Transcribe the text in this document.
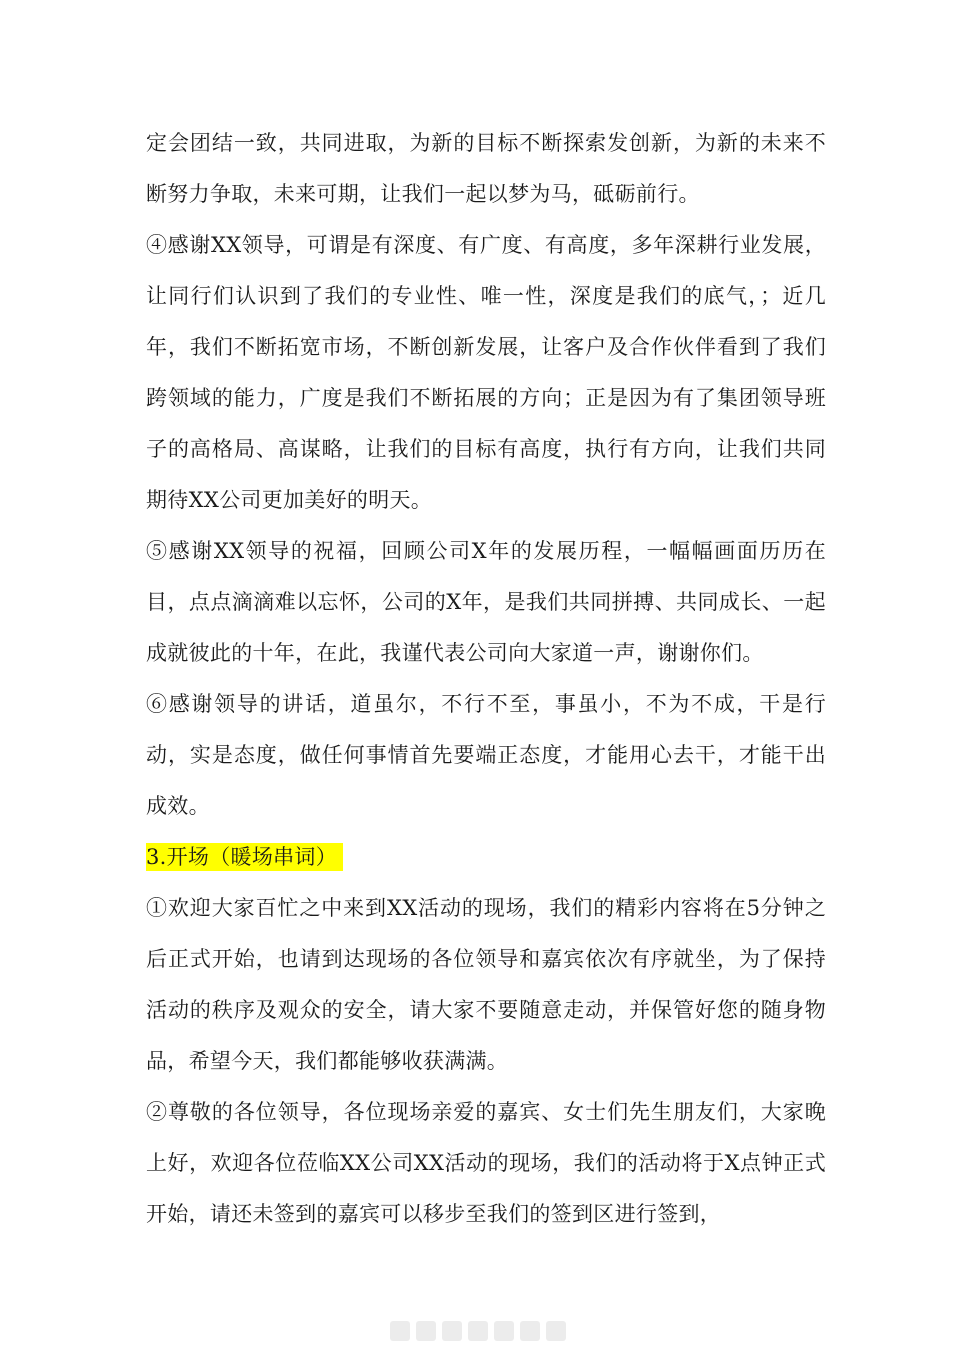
定会团结一致，共同进取，为新的目标不断探索发创新，为新的未来不断努力争取，未来可期，让我们一起以梦为马，砥砺前行。

④感谢XX领导，可谓是有深度、有广度、有高度，多年深耕行业发展，让同行们认识到了我们的专业性、唯一性，深度是我们的底气，；近几年，我们不断拓宽市场，不断创新发展，让客户及合作伙伴看到了我们跨领域的能力，广度是我们不断拓展的方向；正是因为有了集团领导班子的高格局、高谋略，让我们的目标有高度，执行有方向，让我们共同期待XX公司更加美好的明天。

⑤感谢XX领导的祝福，回顾公司X年的发展历程，一幅幅画面历历在目，点点滴滴难以忘怀，公司的X年，是我们共同拼搏、共同成长、一起成就彼此的十年，在此，我谨代表公司向大家道一声，谢谢你们。

⑥感谢领导的讲话，道虽尔，不行不至，事虽小，不为不成，干是行动，实是态度，做任何事情首先要端正态度，才能用心去干，才能干出成效。

3.开场（暖场串词）

①欢迎大家百忙之中来到XX活动的现场，我们的精彩内容将在5分钟之后正式开始，也请到达现场的各位领导和嘉宾依次有序就坐，为了保持活动的秩序及观众的安全，请大家不要随意走动，并保管好您的随身物品，希望今天，我们都能够收获满满。

②尊敬的各位领导，各位现场亲爱的嘉宾、女士们先生朋友们，大家晚上好，欢迎各位莅临XX公司XX活动的现场，我们的活动将于X点钟正式开始，请还未签到的嘉宾可以移步至我们的签到区进行签到，
